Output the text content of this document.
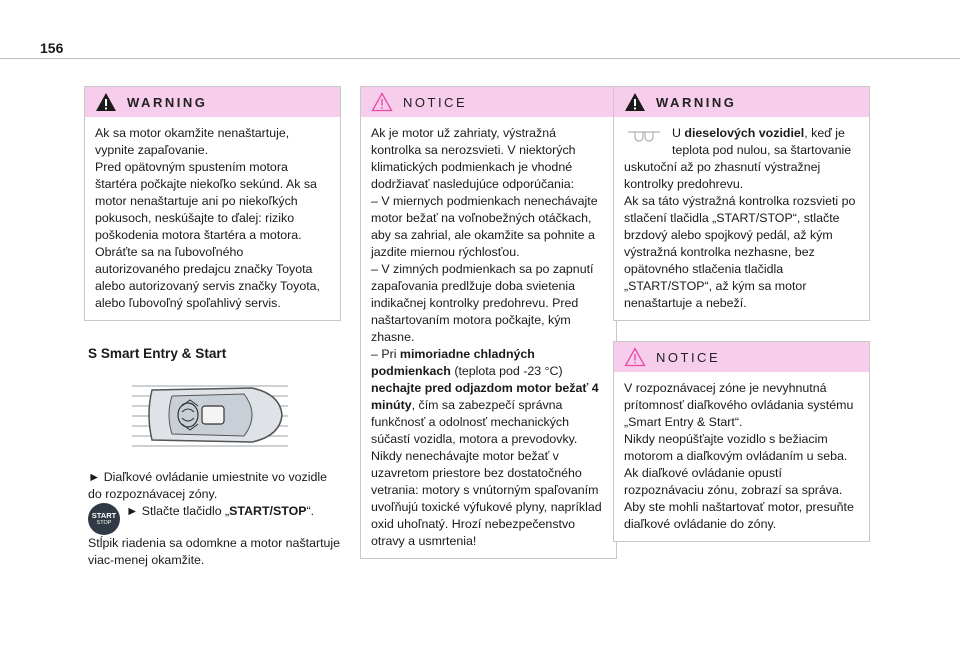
156
WARNING

Ak sa motor okamžite nenaštartuje, vypnite zapaľovanie.
Pred opätovným spustením motora štartéra počkajte niekoľko sekúnd. Ak sa motor nenaštartuje ani po niekoľkých pokusoch, neskúšajte to ďalej: riziko poškodenia motora štartéra a motora.
Obráťte sa na ľubovoľného autorizovaného predajcu značky Toyota alebo autorizovaný servis značky Toyota, alebo ľubovoľný spoľahlivý servis.

S Smart Entry & Start

► Diaľkové ovládanie umiestnite vo vozidle do rozpoznávacej zóny.

START
STOP

► Stlačte tlačidlo „START/STOP“.

Stĺpik riadenia sa odomkne a motor naštartuje viac-menej okamžite.

NOTICE

Ak je motor už zahriaty, výstražná kontrolka sa nerozsvieti. V niektorých klimatických podmienkach je vhodné dodržiavať nasledujúce odporúčania:

– V miernych podmienkach nenechávajte motor bežať na voľnobežných otáčkach, aby sa zahrial, ale okamžite sa pohnite a jazdite miernou rýchlosťou.

– V zimných podmienkach sa po zapnutí zapaľovania predlžuje doba svietenia indikačnej kontrolky predohrevu. Pred naštartovaním motora počkajte, kým zhasne.

– Pri mimoriadne chladných podmienkach (teplota pod -23 °C) nechajte pred odjazdom motor bežať 4 minúty, čím sa zabezpečí správna funkčnosť a odolnosť mechanických súčastí vozidla, motora a prevodovky.

Nikdy nenechávajte motor bežať v uzavretom priestore bez dostatočného vetrania: motory s vnútorným spaľovaním uvoľňujú toxické výfukové plyny, napríklad oxid uhoľnatý. Hrozí nebezpečenstvo otravy a usmrtenia!

WARNING

U dieselových vozidiel, keď je teplota pod nulou, sa štartovanie uskutoční až po zhasnutí výstražnej kontrolky predohrevu.

Ak sa táto výstražná kontrolka rozsvieti po stlačení tlačidla „START/STOP“, stlačte brzdový alebo spojkový pedál, až kým výstražná kontrolka nezhasne, bez opätovného stlačenia tlačidla „START/STOP“, až kým sa motor nenaštartuje a nebeží.

NOTICE

V rozpoznávacej zóne je nevyhnutná prítomnosť diaľkového ovládania systému „Smart Entry & Start“.
Nikdy neopúšťajte vozidlo s bežiacim motorom a diaľkovým ovládaním u seba.
Ak diaľkové ovládanie opustí rozpoznávaciu zónu, zobrazí sa správa.
Aby ste mohli naštartovať motor, presuňte diaľkové ovládanie do zóny.
